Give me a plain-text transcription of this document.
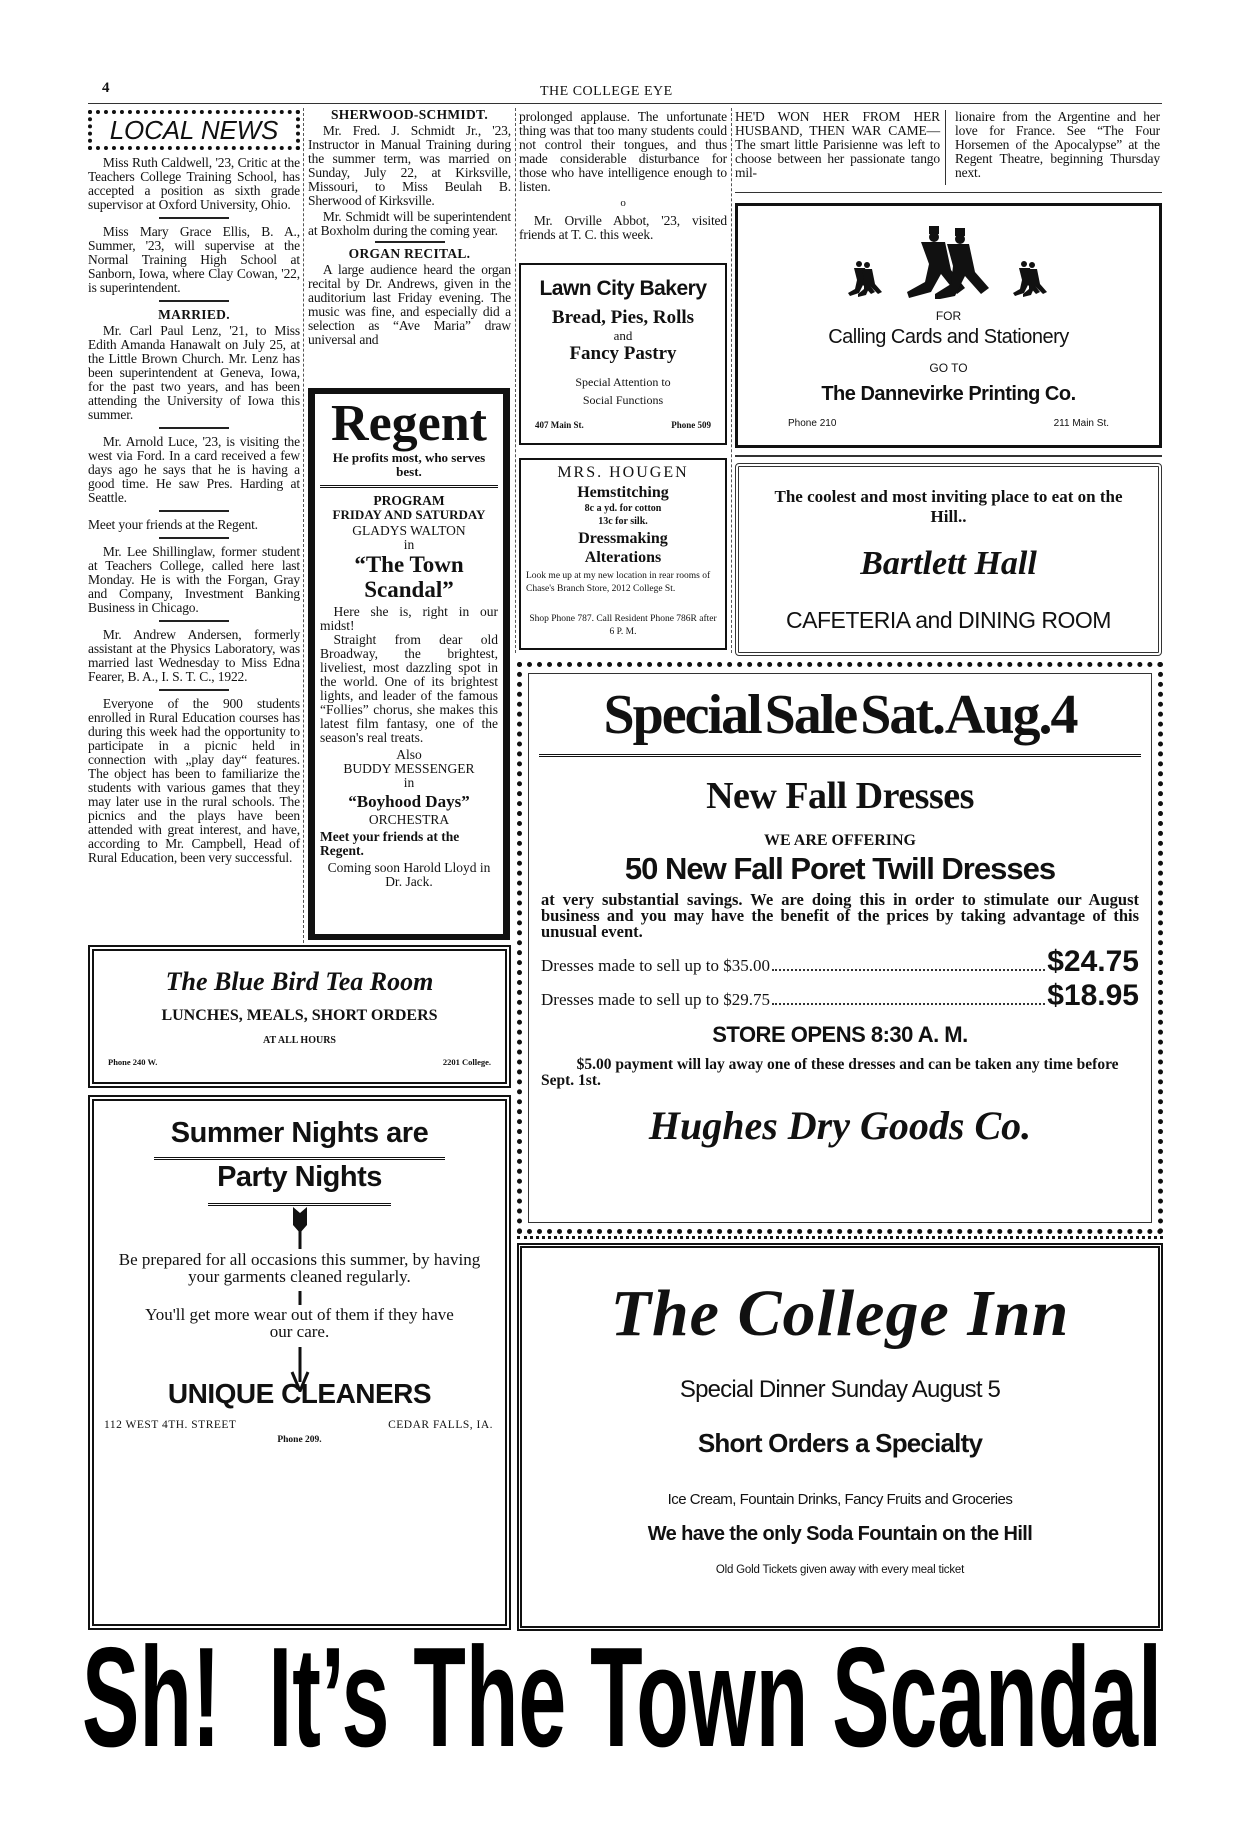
4	THE COLLEGE EYE
LOCAL NEWS

Miss Ruth Caldwell, '23, Critic at the Teachers College Training School, has accepted a position as sixth grade supervisor at Oxford University, Ohio.

Miss Mary Grace Ellis, B. A., Summer, '23, will supervise at the Normal Training High School at Sanborn, Iowa, where Clay Cowan, '22, is superintendent.

MARRIED.

Mr. Carl Paul Lenz, '21, to Miss Edith Amanda Hanawalt on July 25, at the Little Brown Church. Mr. Lenz has been superintendent at Geneva, Iowa, for the past two years, and has been attending the University of Iowa this summer.

Mr. Arnold Luce, '23, is visiting the west via Ford. In a card received a few days ago he says that he is having a good time. He saw Pres. Harding at Seattle.

Meet your friends at the Regent.

Mr. Lee Shillinglaw, former student at Teachers College, called here last Monday. He is with the Forgan, Gray and Company, Investment Banking Business in Chicago.

Mr. Andrew Andersen, formerly assistant at the Physics Laboratory, was married last Wednesday to Miss Edna Fearer, B. A., I. S. T. C., 1922.

Everyone of the 900 students enrolled in Rural Education courses has during this week had the opportunity to participate in a picnic held in connection with „play day“ features. The object has been to familiarize the students with various games that they may later use in the rural schools. The picnics and the plays have been attended with great interest, and have, according to Mr. Campbell, Head of Rural Education, been very successful.

SHERWOOD-SCHMIDT.

Mr. Fred. J. Schmidt Jr., '23, Instructor in Manual Training during the summer term, was married on Sunday, July 22, at Kirksville, Missouri, to Miss Beulah B. Sherwood of Kirksville.

Mr. Schmidt will be superintendent at Boxholm during the coming year.

ORGAN RECITAL.

A large audience heard the organ recital by Dr. Andrews, given in the auditorium last Friday evening. The music was fine, and especially did a selection as “Ave Maria” draw universal and

Regent
He profits most, who serves best.
PROGRAM
FRIDAY AND SATURDAY
GLADYS WALTON
in
“The Town Scandal”

Here she is, right in our midst!

Straight from dear old Broadway, the brightest, liveliest, most dazzling spot in the world. One of its brightest lights, and leader of the famous “Follies” chorus, she makes this latest film fantasy, one of the season's real treats.

Also
BUDDY MESSENGER
in
“Boyhood Days”
ORCHESTRA
Meet your friends at the Regent.
Coming soon Harold Lloyd in Dr. Jack.

prolonged applause. The unfortunate thing was that too many students could not control their tongues, and thus made considerable disturbance for those who have intelligence enough to listen.

o

Mr. Orville Abbot, '23, visited friends at T. C. this week.

Lawn City Bakery
Bread, Pies, Rolls
and
Fancy Pastry
Special Attention to
Social Functions
407 Main St.	Phone 509
MRS. HOUGEN
Hemstitching
8c a yd. for cotton
13c for silk.
Dressmaking
Alterations
Look me up at my new location in rear rooms of Chase's Branch Store, 2012 College St.
Shop Phone 787. Call Resident Phone 786R after 6 P. M.
HE'D WON HER FROM HER HUSBAND, THEN WAR CAME—The smart little Parisienne was left to choose between her passionate tango mil-
lionaire from the Argentine and her love for France. See “The Four Horsemen of the Apocalypse” at the Regent Theatre, beginning Thursday next.
FOR
Calling Cards and Stationery
GO TO
The Dannevirke Printing Co.
Phone 210	211 Main St.
The coolest and most inviting place to eat on the Hill..
Bartlett Hall
CAFETERIA and DINING ROOM
Special Sale Sat. Aug.4
New Fall Dresses
WE ARE OFFERING
50 New Fall Poret Twill Dresses
at very substantial savings. We are doing this in order to stimulate our August business and you may have the benefit of the prices by taking advantage of this unusual event.
Dresses made to sell up to $35.00	$24.75
Dresses made to sell up to $29.75	$18.95
STORE OPENS 8:30 A. M.
$5.00 payment will lay away one of these dresses and can be taken any time before Sept. 1st.
Hughes Dry Goods Co.
The Blue Bird Tea Room
LUNCHES, MEALS, SHORT ORDERS
AT ALL HOURS
Phone 240 W.	2201 College.
Summer Nights are
Party Nights
Be prepared for all occasions this summer, by having your garments cleaned regularly.
You'll get more wear out of them if they have our care.
UNIQUE CLEANERS
112 WEST 4TH. STREET	CEDAR FALLS, IA.
Phone 209.
The College Inn
Special Dinner Sunday August 5
Short Orders a Specialty
Ice Cream, Fountain Drinks, Fancy Fruits and Groceries
We have the only Soda Fountain on the Hill
Old Gold Tickets given away with every meal ticket
Sh!  It’s The Town Scandal
